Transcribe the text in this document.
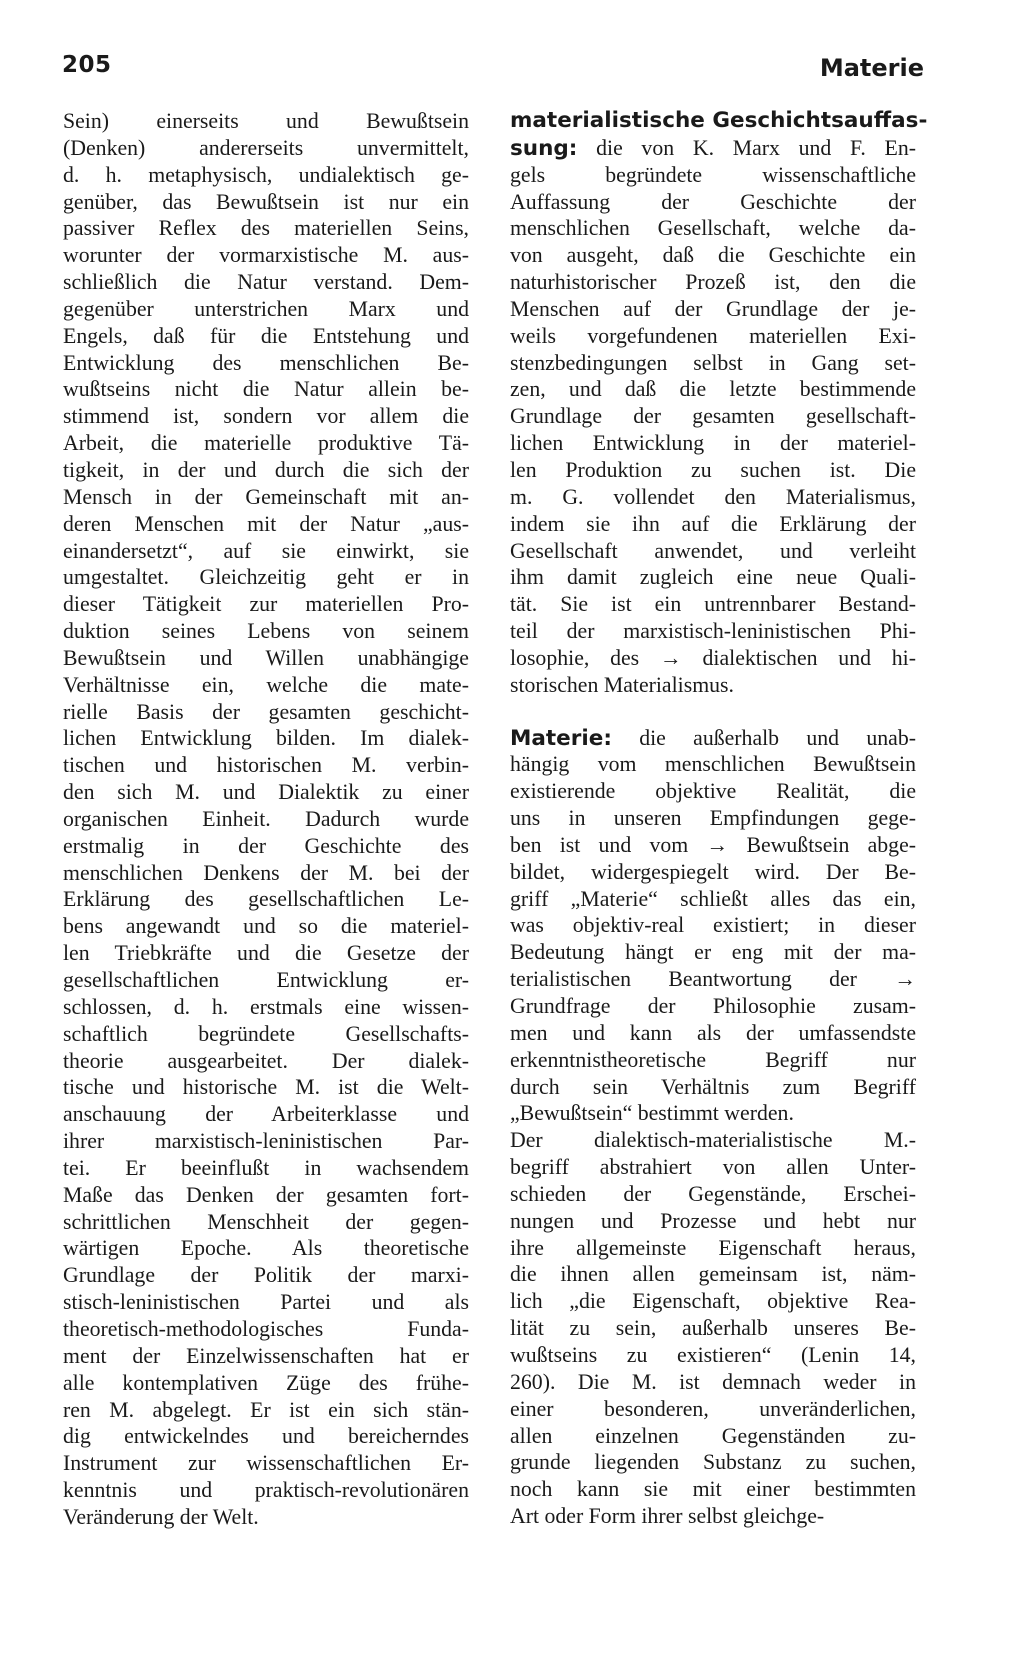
205	Materie
Sein) einerseits und Bewußtsein
(Denken) andererseits unvermittelt,
d. h. metaphysisch, undialektisch ge-
genüber, das Bewußtsein ist nur ein
passiver Reflex des materiellen Seins,
worunter der vormarxistische M. aus-
schließlich die Natur verstand. Dem-
gegenüber unterstrichen Marx und
Engels, daß für die Entstehung und
Entwicklung des menschlichen Be-
wußtseins nicht die Natur allein be-
stimmend ist, sondern vor allem die
Arbeit, die materielle produktive Tä-
tigkeit, in der und durch die sich der
Mensch in der Gemeinschaft mit an-
deren Menschen mit der Natur „aus-
einandersetzt“, auf sie einwirkt, sie
umgestaltet. Gleichzeitig geht er in
dieser Tätigkeit zur materiellen Pro-
duktion seines Lebens von seinem
Bewußtsein und Willen unabhängige
Verhältnisse ein, welche die mate-
rielle Basis der gesamten geschicht-
lichen Entwicklung bilden. Im dialek-
tischen und historischen M. verbin-
den sich M. und Dialektik zu einer
organischen Einheit. Dadurch wurde
erstmalig in der Geschichte des
menschlichen Denkens der M. bei der
Erklärung des gesellschaftlichen Le-
bens angewandt und so die materiel-
len Triebkräfte und die Gesetze der
gesellschaftlichen Entwicklung er-
schlossen, d. h. erstmals eine wissen-
schaftlich begründete Gesellschafts-
theorie ausgearbeitet. Der dialek-
tische und historische M. ist die Welt-
anschauung der Arbeiterklasse und
ihrer marxistisch-leninistischen Par-
tei. Er beeinflußt in wachsendem
Maße das Denken der gesamten fort-
schrittlichen Menschheit der gegen-
wärtigen Epoche. Als theoretische
Grundlage der Politik der marxi-
stisch-leninistischen Partei und als
theoretisch-methodologisches Funda-
ment der Einzelwissenschaften hat er
alle kontemplativen Züge des frühe-
ren M. abgelegt. Er ist ein sich stän-
dig entwickelndes und bereicherndes
Instrument zur wissenschaftlichen Er-
kenntnis und praktisch-revolutionären
Veränderung der Welt.
materialistische Geschichtsauffas-
sung: die von K. Marx und F. En-
gels begründete wissenschaftliche
Auffassung der Geschichte der
menschlichen Gesellschaft, welche da-
von ausgeht, daß die Geschichte ein
naturhistorischer Prozeß ist, den die
Menschen auf der Grundlage der je-
weils vorgefundenen materiellen Exi-
stenzbedingungen selbst in Gang set-
zen, und daß die letzte bestimmende
Grundlage der gesamten gesellschaft-
lichen Entwicklung in der materiel-
len Produktion zu suchen ist. Die
m. G. vollendet den Materialismus,
indem sie ihn auf die Erklärung der
Gesellschaft anwendet, und verleiht
ihm damit zugleich eine neue Quali-
tät. Sie ist ein untrennbarer Bestand-
teil der marxistisch-leninistischen Phi-
losophie, des → dialektischen und hi-
storischen Materialismus.
Materie: die außerhalb und unab-
hängig vom menschlichen Bewußtsein
existierende objektive Realität, die
uns in unseren Empfindungen gege-
ben ist und vom → Bewußtsein abge-
bildet, widergespiegelt wird. Der Be-
griff „Materie“ schließt alles das ein,
was objektiv-real existiert; in dieser
Bedeutung hängt er eng mit der ma-
terialistischen Beantwortung der →
Grundfrage der Philosophie zusam-
men und kann als der umfassendste
erkenntnistheoretische Begriff nur
durch sein Verhältnis zum Begriff
„Bewußtsein“ bestimmt werden.
Der dialektisch-materialistische M.-
begriff abstrahiert von allen Unter-
schieden der Gegenstände, Erschei-
nungen und Prozesse und hebt nur
ihre allgemeinste Eigenschaft heraus,
die ihnen allen gemeinsam ist, näm-
lich „die Eigenschaft, objektive Rea-
lität zu sein, außerhalb unseres Be-
wußtseins zu existieren“ (Lenin 14,
260). Die M. ist demnach weder in
einer besonderen, unveränderlichen,
allen einzelnen Gegenständen zu-
grunde liegenden Substanz zu suchen,
noch kann sie mit einer bestimmten
Art oder Form ihrer selbst gleichge-
